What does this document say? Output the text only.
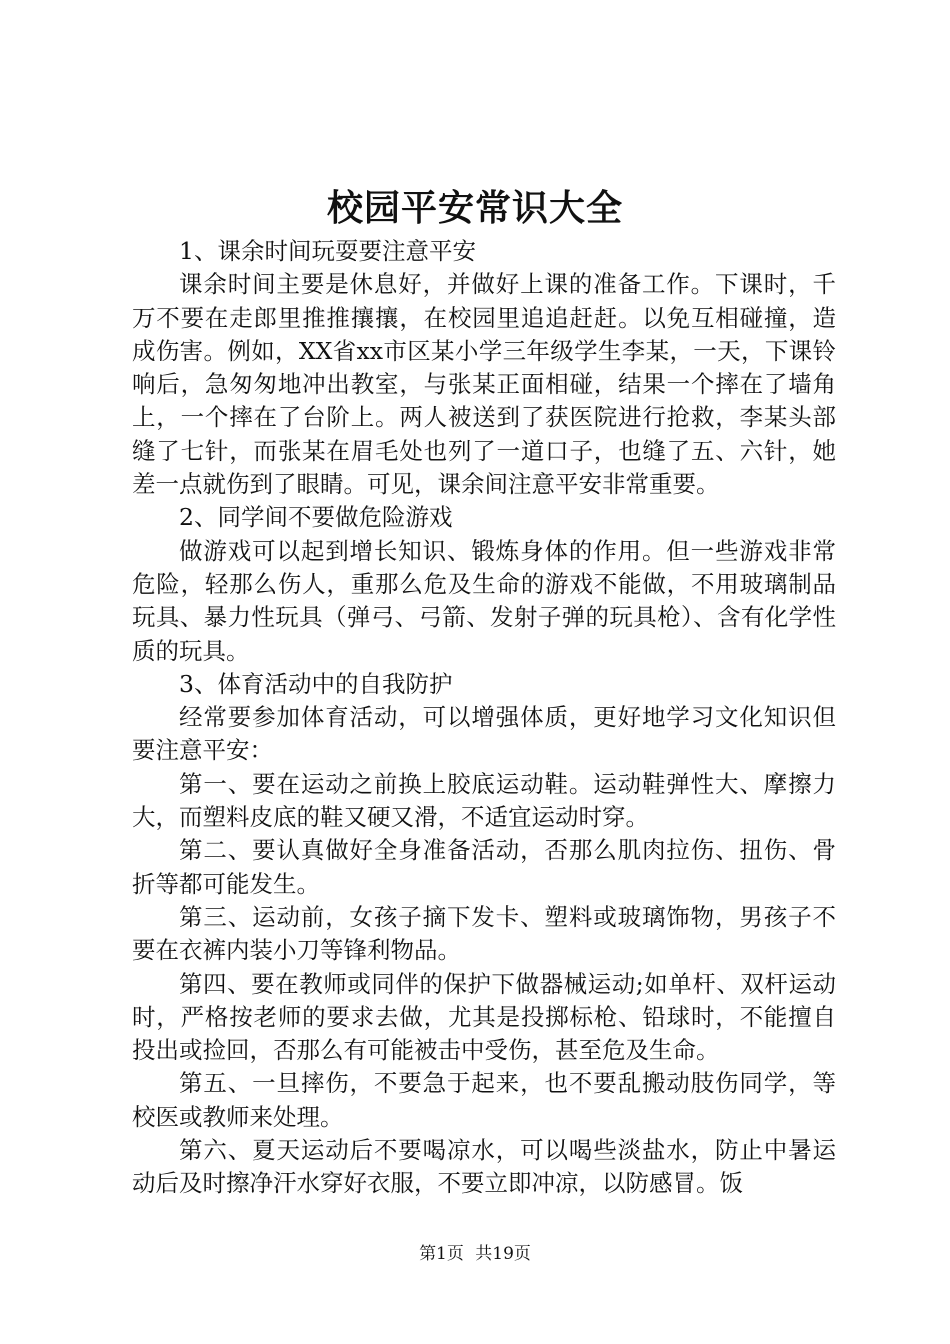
校园平安常识大全

1、课余时间玩耍要注意平安

课余时间主要是休息好，并做好上课的准备工作。下课时，千万不要在走郎里推推攘攘，在校园里追追赶赶。以免互相碰撞，造成伤害。例如，XX省xx市区某小学三年级学生李某，一天，下课铃响后，急匆匆地冲出教室，与张某正面相碰，结果一个摔在了墙角上，一个摔在了台阶上。两人被送到了获医院进行抢救，李某头部缝了七针，而张某在眉毛处也列了一道口子，也缝了五、六针，她差一点就伤到了眼睛。可见，课余间注意平安非常重要。

2、同学间不要做危险游戏

做游戏可以起到增长知识、锻炼身体的作用。但一些游戏非常危险，轻那么伤人，重那么危及生命的游戏不能做，不用玻璃制品玩具、暴力性玩具（弹弓、弓箭、发射子弹的玩具枪）、含有化学性质的玩具。

3、体育活动中的自我防护

经常要参加体育活动，可以增强体质，更好地学习文化知识但要注意平安：

第一、要在运动之前换上胶底运动鞋。运动鞋弹性大、摩擦力大，而塑料皮底的鞋又硬又滑，不适宜运动时穿。

第二、要认真做好全身准备活动，否那么肌肉拉伤、扭伤、骨折等都可能发生。

第三、运动前，女孩子摘下发卡、塑料或玻璃饰物，男孩子不要在衣裤内装小刀等锋利物品。

第四、要在教师或同伴的保护下做器械运动;如单杆、双杆运动时，严格按老师的要求去做，尤其是投掷标枪、铅球时，不能擅自投出或捡回，否那么有可能被击中受伤，甚至危及生命。

第五、一旦摔伤，不要急于起来，也不要乱搬动肢伤同学，等校医或教师来处理。

第六、夏天运动后不要喝凉水，可以喝些淡盐水，防止中暑运动后及时擦净汗水穿好衣服，不要立即冲凉，以防感冒。饭

第1页 共19页
